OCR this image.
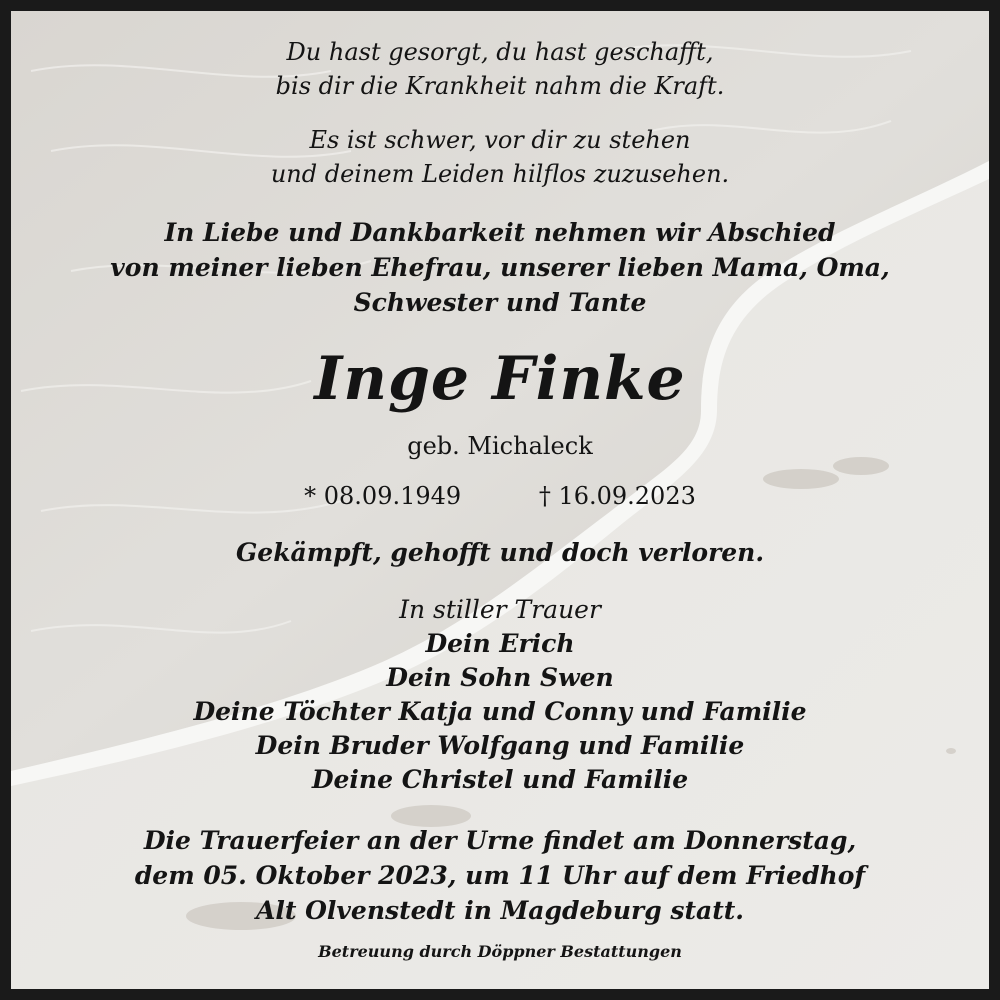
Du hast gesorgt, du hast geschafft,
bis dir die Krankheit nahm die Kraft.
Es ist schwer, vor dir zu stehen
und deinem Leiden hilflos zuzusehen.
In Liebe und Dankbarkeit nehmen wir Abschied
von meiner lieben Ehefrau, unserer lieben Mama, Oma,
Schwester und Tante
Inge Finke
geb. Michaleck
* 08.09.1949	† 16.09.2023
Gekämpft, gehofft und doch verloren.
In stiller Trauer
Dein Erich
Dein Sohn Swen
Deine Töchter Katja und Conny und Familie
Dein Bruder Wolfgang und Familie
Deine Christel und Familie
Die Trauerfeier an der Urne findet am Donnerstag,
dem 05. Oktober 2023, um 11 Uhr auf dem Friedhof
Alt Olvenstedt in Magdeburg statt.
Betreuung durch Döppner Bestattungen
